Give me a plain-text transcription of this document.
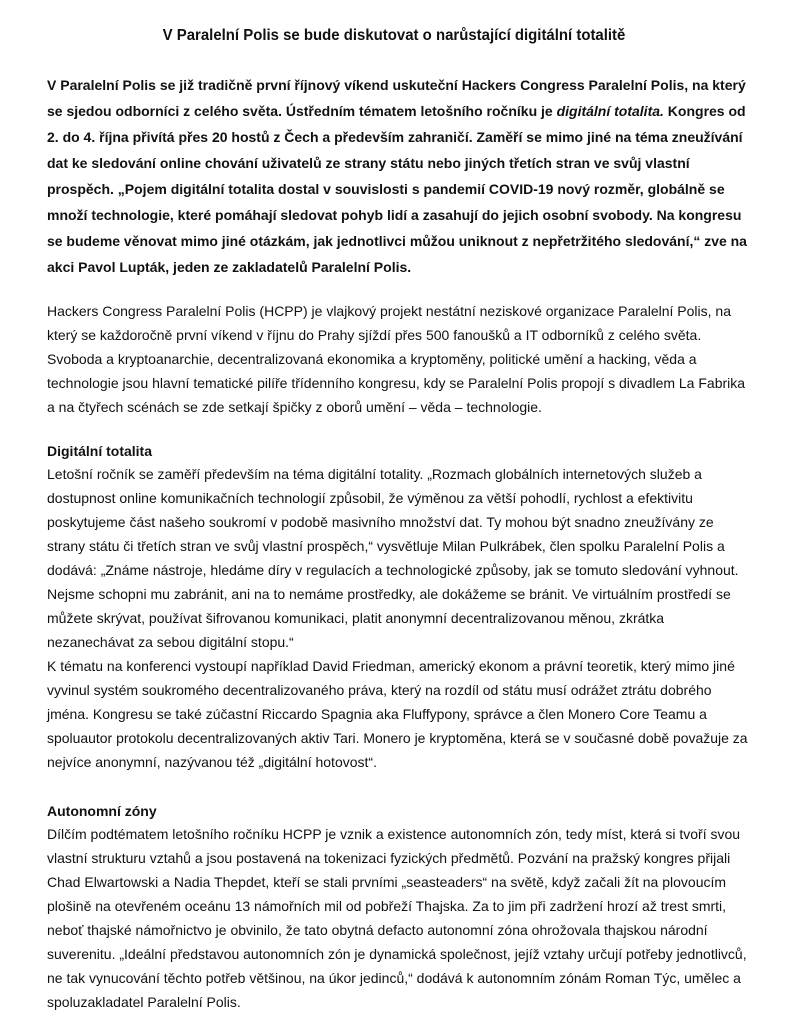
V Paralelní Polis se bude diskutovat o narůstající digitální totalitě
V Paralelní Polis se již tradičně první říjnový víkend uskuteční Hackers Congress Paralelní Polis, na který
se sjedou odborníci z celého světa. Ústředním tématem letošního ročníku je digitální totalita. Kongres od
2. do 4. října přivítá přes 20 hostů z Čech a především zahraničí. Zaměří se mimo jiné na téma zneužívání
dat ke sledování online chování uživatelů ze strany státu nebo jiných třetích stran ve svůj vlastní
prospěch. „Pojem digitální totalita dostal v souvislosti s pandemií COVID-19 nový rozměr, globálně se
množí technologie, které pomáhají sledovat pohyb lidí a zasahují do jejich osobní svobody. Na kongresu
se budeme věnovat mimo jiné otázkám, jak jednotlivci můžou uniknout z nepřetržitého sledování,“ zve na
akci Pavol Lupták, jeden ze zakladatelů Paralelní Polis.
Hackers Congress Paralelní Polis (HCPP) je vlajkový projekt nestátní neziskové organizace Paralelní Polis, na
který se každoročně první víkend v říjnu do Prahy sjíždí přes 500 fanoušků a IT odborníků z celého světa.
Svoboda a kryptoanarchie, decentralizovaná ekonomika a kryptoměny, politické umění a hacking, věda a
technologie jsou hlavní tematické pilíře třídenního kongresu, kdy se Paralelní Polis propojí s divadlem La Fabrika
a na čtyřech scénách se zde setkají špičky z oborů umění – věda – technologie.
Digitální totalita
Letošní ročník se zaměří především na téma digitální totality. „Rozmach globálních internetových služeb a
dostupnost online komunikačních technologií způsobil, že výměnou za větší pohodlí, rychlost a efektivitu
poskytujeme část našeho soukromí v podobě masivního množství dat. Ty mohou být snadno zneužívány ze
strany státu či třetích stran ve svůj vlastní prospěch,“ vysvětluje Milan Pulkrábek, člen spolku Paralelní Polis a
dodává: „Známe nástroje, hledáme díry v regulacích a technologické způsoby, jak se tomuto sledování vyhnout.
Nejsme schopni mu zabránit, ani na to nemáme prostředky, ale dokážeme se bránit. Ve virtuálním prostředí se
můžete skrývat, používat šifrovanou komunikaci, platit anonymní decentralizovanou měnou, zkrátka
nezanechávat za sebou digitální stopu.“
K tématu na konferenci vystoupí například David Friedman, americký ekonom a právní teoretik, který mimo jiné
vyvinul systém soukromého decentralizovaného práva, který na rozdíl od státu musí odrážet ztrátu dobrého
jména. Kongresu se také zúčastní Riccardo Spagnia aka Fluffypony, správce a člen Monero Core Teamu a
spoluautor protokolu decentralizovaných aktiv Tari. Monero je kryptoměna, která se v současné době považuje za
nejvíce anonymní, nazývanou též „digitální hotovost“.
Autonomní zóny
Dílčím podtématem letošního ročníku HCPP je vznik a existence autonomních zón, tedy míst, která si tvoří svou
vlastní strukturu vztahů a jsou postavená na tokenizaci fyzických předmětů. Pozvání na pražský kongres přijali
Chad Elwartowski a Nadia Thepdet, kteří se stali prvními „seasteaders“ na světě, když začali žít na plovoucím
plošině na otevřeném oceánu 13 námořních mil od pobřeží Thajska. Za to jim při zadržení hrozí až trest smrti,
neboť thajské námořnictvo je obvinilo, že tato obytná defacto autonomní zóna ohrožovala thajskou národní
suverenitu. „Ideální představou autonomních zón je dynamická společnost, jejíž vztahy určují potřeby jednotlivců,
ne tak vynucování těchto potřeb většinou, na úkor jedinců,“ dodává k autonomním zónám Roman Týc, umělec a
spoluzakladatel Paralelní Polis.
